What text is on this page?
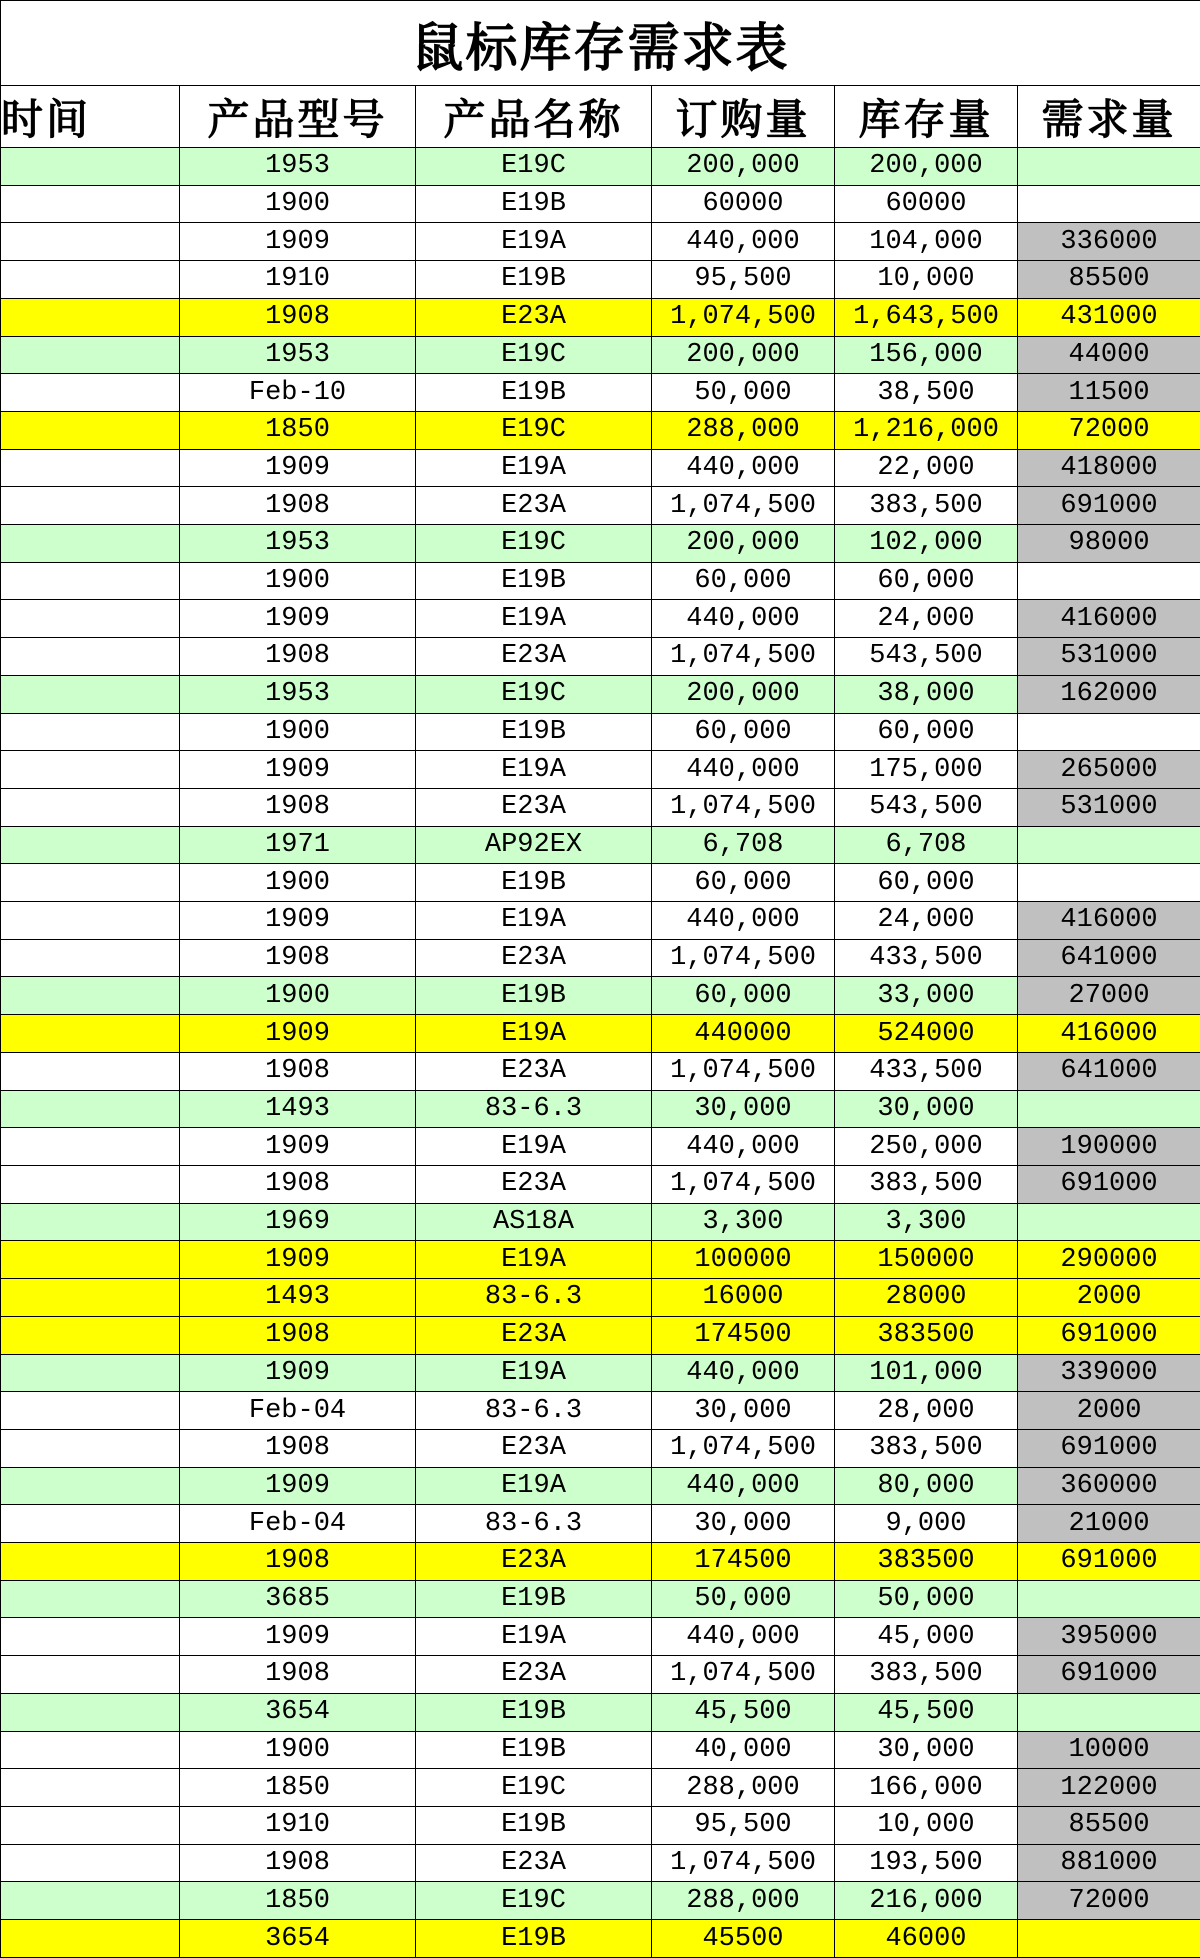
鼠标库存需求表					
时间	产品型号	产品名称	订购量	库存量	需求量
	1953	E19C	200,000	200,000	
	1900	E19B	60000	60000	
	1909	E19A	440,000	104,000	336000
	1910	E19B	95,500	10,000	85500
	1908	E23A	1,074,500	1,643,500	431000
	1953	E19C	200,000	156,000	44000
	Feb-10	E19B	50,000	38,500	11500
	1850	E19C	288,000	1,216,000	72000
	1909	E19A	440,000	22,000	418000
	1908	E23A	1,074,500	383,500	691000
	1953	E19C	200,000	102,000	98000
	1900	E19B	60,000	60,000	
	1909	E19A	440,000	24,000	416000
	1908	E23A	1,074,500	543,500	531000
	1953	E19C	200,000	38,000	162000
	1900	E19B	60,000	60,000	
	1909	E19A	440,000	175,000	265000
	1908	E23A	1,074,500	543,500	531000
	1971	AP92EX	6,708	6,708	
	1900	E19B	60,000	60,000	
	1909	E19A	440,000	24,000	416000
	1908	E23A	1,074,500	433,500	641000
	1900	E19B	60,000	33,000	27000
	1909	E19A	440000	524000	416000
	1908	E23A	1,074,500	433,500	641000
	1493	83-6.3	30,000	30,000	
	1909	E19A	440,000	250,000	190000
	1908	E23A	1,074,500	383,500	691000
	1969	AS18A	3,300	3,300	
	1909	E19A	100000	150000	290000
	1493	83-6.3	16000	28000	2000
	1908	E23A	174500	383500	691000
	1909	E19A	440,000	101,000	339000
	Feb-04	83-6.3	30,000	28,000	2000
	1908	E23A	1,074,500	383,500	691000
	1909	E19A	440,000	80,000	360000
	Feb-04	83-6.3	30,000	9,000	21000
	1908	E23A	174500	383500	691000
	3685	E19B	50,000	50,000	
	1909	E19A	440,000	45,000	395000
	1908	E23A	1,074,500	383,500	691000
	3654	E19B	45,500	45,500	
	1900	E19B	40,000	30,000	10000
	1850	E19C	288,000	166,000	122000
	1910	E19B	95,500	10,000	85500
	1908	E23A	1,074,500	193,500	881000
	1850	E19C	288,000	216,000	72000
	3654	E19B	45500	46000	
